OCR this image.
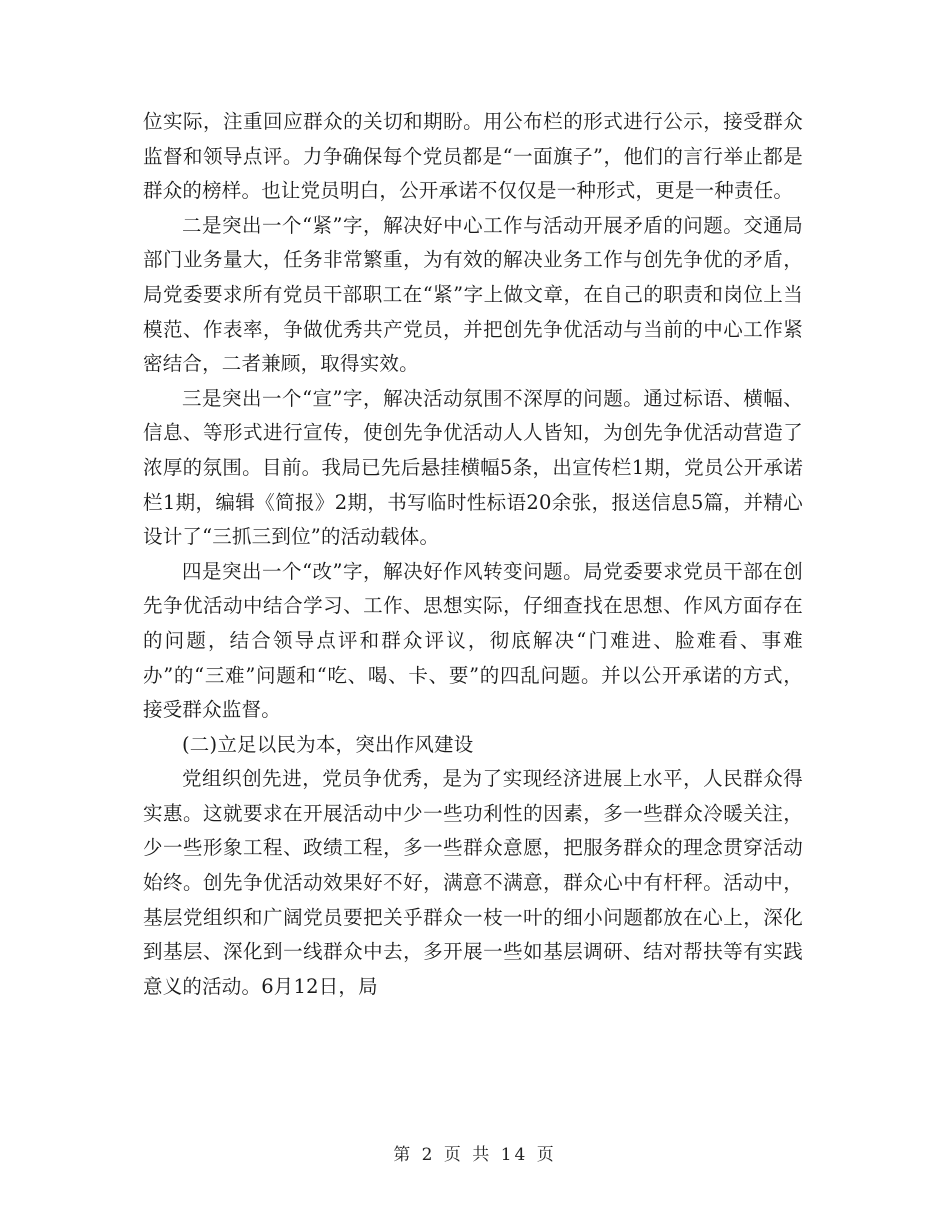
位实际，注重回应群众的关切和期盼。用公布栏的形式进行公示，接受群众监督和领导点评。力争确保每个党员都是“一面旗子”，他们的言行举止都是群众的榜样。也让党员明白，公开承诺不仅仅是一种形式，更是一种责任。

二是突出一个“紧”字，解决好中心工作与活动开展矛盾的问题。交通局部门业务量大，任务非常繁重，为有效的解决业务工作与创先争优的矛盾，局党委要求所有党员干部职工在“紧”字上做文章，在自己的职责和岗位上当模范、作表率，争做优秀共产党员，并把创先争优活动与当前的中心工作紧密结合，二者兼顾，取得实效。

三是突出一个“宣”字，解决活动氛围不深厚的问题。通过标语、横幅、信息、等形式进行宣传，使创先争优活动人人皆知，为创先争优活动营造了浓厚的氛围。目前。我局已先后悬挂横幅5条，出宣传栏1期，党员公开承诺栏1期，编辑《简报》2期，书写临时性标语20余张，报送信息5篇，并精心设计了“三抓三到位”的活动载体。

四是突出一个“改”字，解决好作风转变问题。局党委要求党员干部在创先争优活动中结合学习、工作、思想实际，仔细查找在思想、作风方面存在的问题，结合领导点评和群众评议，彻底解决“门难进、脸难看、事难办”的“三难”问题和“吃、喝、卡、要”的四乱问题。并以公开承诺的方式，接受群众监督。

(二)立足以民为本，突出作风建设

党组织创先进，党员争优秀，是为了实现经济进展上水平，人民群众得实惠。这就要求在开展活动中少一些功利性的因素，多一些群众冷暖关注，少一些形象工程、政绩工程，多一些群众意愿，把服务群众的理念贯穿活动始终。创先争优活动效果好不好，满意不满意，群众心中有杆秤。活动中，基层党组织和广阔党员要把关乎群众一枝一叶的细小问题都放在心上，深化到基层、深化到一线群众中去，多开展一些如基层调研、结对帮扶等有实践意义的活动。6月12日，局

第 2 页 共 14 页
